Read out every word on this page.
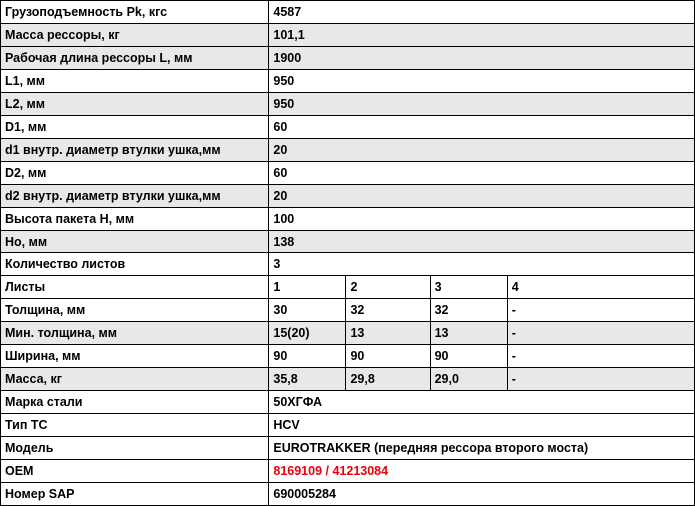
Грузоподъемность Pk, кгс	4587			
Масса рессоры, кг	101,1			
Рабочая длина рессоры L, мм	1900			
L1, мм	950			
L2, мм	950			
D1, мм	60			
d1 внутр. диаметр втулки ушка,мм	20			
D2, мм	60			
d2 внутр. диаметр втулки ушка,мм	20			
Высота пакета H, мм	100			
Ho, мм	138			
Количество листов	3			
Листы	1	2	3	4
Толщина, мм	30	32	32	-
Мин. толщина, мм	15(20)	13	13	-
Ширина, мм	90	90	90	-
Масса, кг	35,8	29,8	29,0	-
Марка стали	50ХГФА			
Тип ТС	HCV			
Модель	EUROTRAKKER (передняя рессора второго моста)			
OEM	8169109 / 41213084			
Номер SAP	690005284			
